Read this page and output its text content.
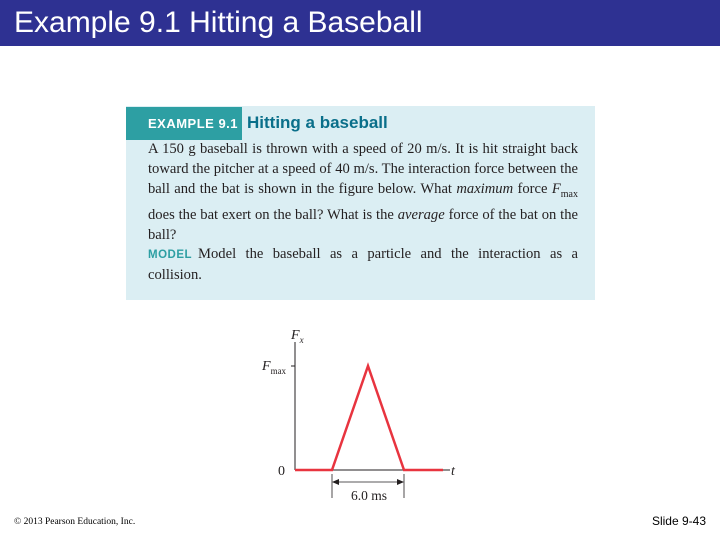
Example 9.1 Hitting a Baseball
EXAMPLE 9.1 Hitting a baseball
A 150 g baseball is thrown with a speed of 20 m/s. It is hit straight back toward the pitcher at a speed of 40 m/s. The interaction force between the ball and the bat is shown in the figure below. What maximum force $F_{max}$ does the bat exert on the ball? What is the average force of the bat on the ball?
MODEL Model the baseball as a particle and the interaction as a collision.
$F_x$
$F_{max}$
0	t
6.0 ms
© 2013 Pearson Education, Inc.	Slide 9-43
